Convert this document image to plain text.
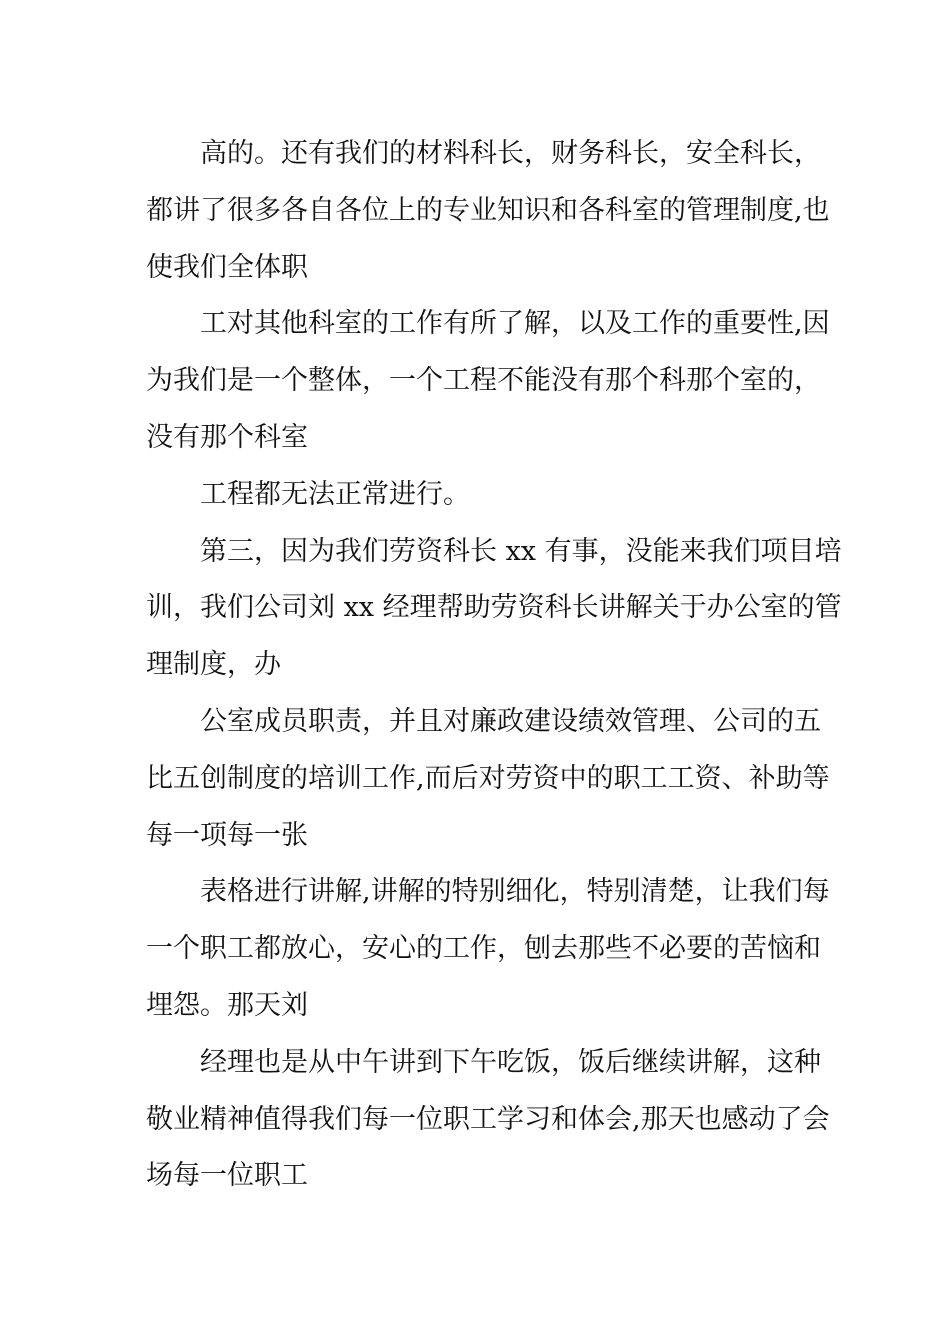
高的。还有我们的材料科长，财务科长，安全科长，
都讲了很多各自各位上的专业知识和各科室的管理制度,也
使我们全体职
工对其他科室的工作有所了解，以及工作的重要性,因
为我们是一个整体，一个工程不能没有那个科那个室的，
没有那个科室
工程都无法正常进行。
第三，因为我们劳资科长 xx 有事，没能来我们项目培
训，我们公司刘 xx 经理帮助劳资科长讲解关于办公室的管
理制度，办
公室成员职责，并且对廉政建设绩效管理、公司的五
比五创制度的培训工作,而后对劳资中的职工工资、补助等
每一项每一张
表格进行讲解,讲解的特别细化，特别清楚，让我们每
一个职工都放心，安心的工作，刨去那些不必要的苦恼和
埋怨。那天刘
经理也是从中午讲到下午吃饭，饭后继续讲解，这种
敬业精神值得我们每一位职工学习和体会,那天也感动了会
场每一位职工
